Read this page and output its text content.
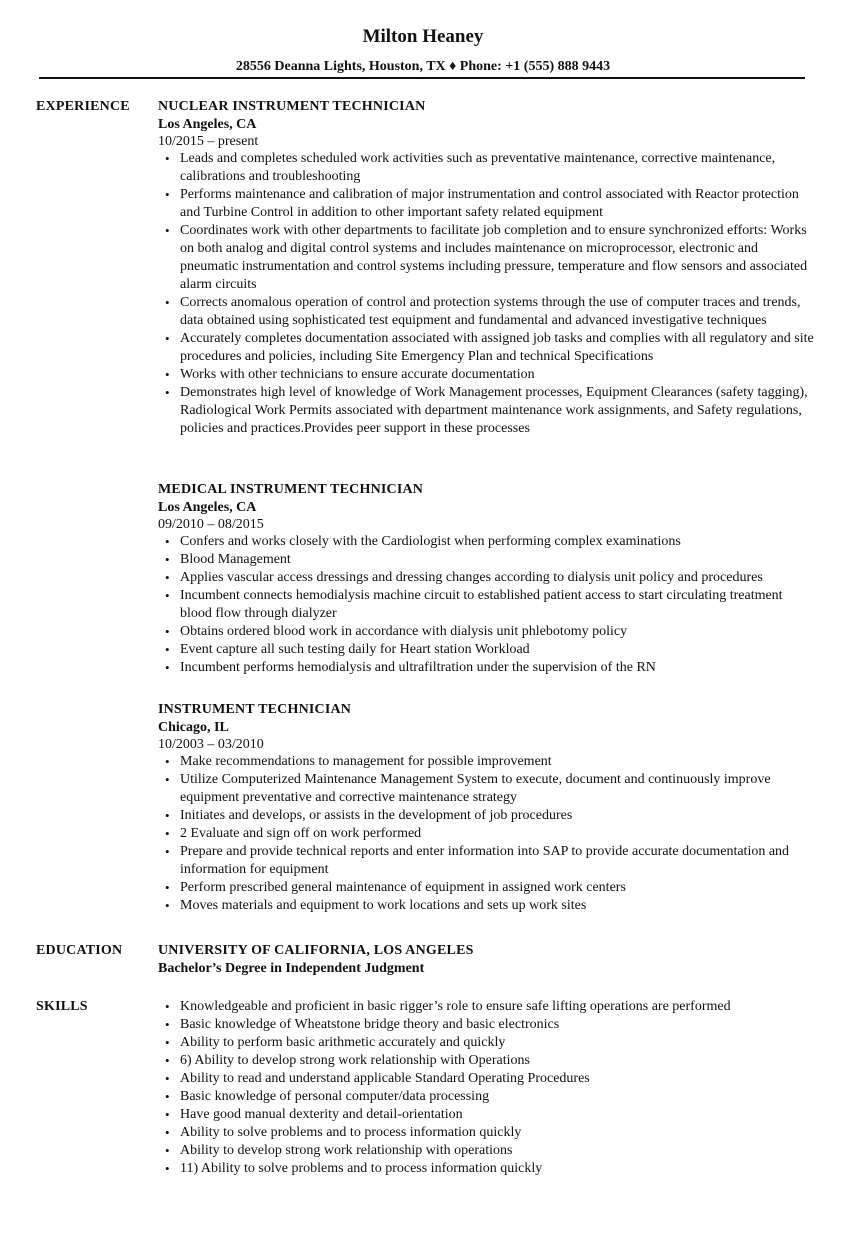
Milton Heaney
28556 Deanna Lights, Houston, TX ♦ Phone: +1 (555) 888 9443
EXPERIENCE NUCLEAR INSTRUMENT TECHNICIAN
Los Angeles, CA
10/2015 – present
• Leads and completes scheduled work activities such as preventative maintenance, corrective maintenance, calibrations and troubleshooting
• Performs maintenance and calibration of major instrumentation and control associated with Reactor protection and Turbine Control in addition to other important safety related equipment
• Coordinates work with other departments to facilitate job completion and to ensure synchronized efforts: Works on both analog and digital control systems and includes maintenance on microprocessor, electronic and pneumatic instrumentation and control systems including pressure, temperature and flow sensors and associated alarm circuits
• Corrects anomalous operation of control and protection systems through the use of computer traces and trends, data obtained using sophisticated test equipment and fundamental and advanced investigative techniques
• Accurately completes documentation associated with assigned job tasks and complies with all regulatory and site procedures and policies, including Site Emergency Plan and technical Specifications
• Works with other technicians to ensure accurate documentation
• Demonstrates high level of knowledge of Work Management processes, Equipment Clearances (safety tagging), Radiological Work Permits associated with department maintenance work assignments, and Safety regulations, policies and practices.Provides peer support in these processes
MEDICAL INSTRUMENT TECHNICIAN
Los Angeles, CA
09/2010 – 08/2015
• Confers and works closely with the Cardiologist when performing complex examinations
• Blood Management
• Applies vascular access dressings and dressing changes according to dialysis unit policy and procedures
• Incumbent connects hemodialysis machine circuit to established patient access to start circulating treatment blood flow through dialyzer
• Obtains ordered blood work in accordance with dialysis unit phlebotomy policy
• Event capture all such testing daily for Heart station Workload
• Incumbent performs hemodialysis and ultrafiltration under the supervision of the RN
INSTRUMENT TECHNICIAN
Chicago, IL
10/2003 – 03/2010
• Make recommendations to management for possible improvement
• Utilize Computerized Maintenance Management System to execute, document and continuously improve equipment preventative and corrective maintenance strategy
• Initiates and develops, or assists in the development of job procedures
• 2 Evaluate and sign off on work performed
• Prepare and provide technical reports and enter information into SAP to provide accurate documentation and information for equipment
• Perform prescribed general maintenance of equipment in assigned work centers
• Moves materials and equipment to work locations and sets up work sites
EDUCATION	UNIVERSITY OF CALIFORNIA, LOS ANGELES
Bachelor’s Degree in Independent Judgment
SKILLS
•	Knowledgeable and proficient in basic rigger’s role to ensure safe lifting operations are performed
• Basic knowledge of Wheatstone bridge theory and basic electronics
• Ability to perform basic arithmetic accurately and quickly
• 6) Ability to develop strong work relationship with Operations
• Ability to read and understand applicable Standard Operating Procedures
• Basic knowledge of personal computer/data processing
• Have good manual dexterity and detail-orientation
• Ability to solve problems and to process information quickly
• Ability to develop strong work relationship with operations
• 11) Ability to solve problems and to process information quickly
